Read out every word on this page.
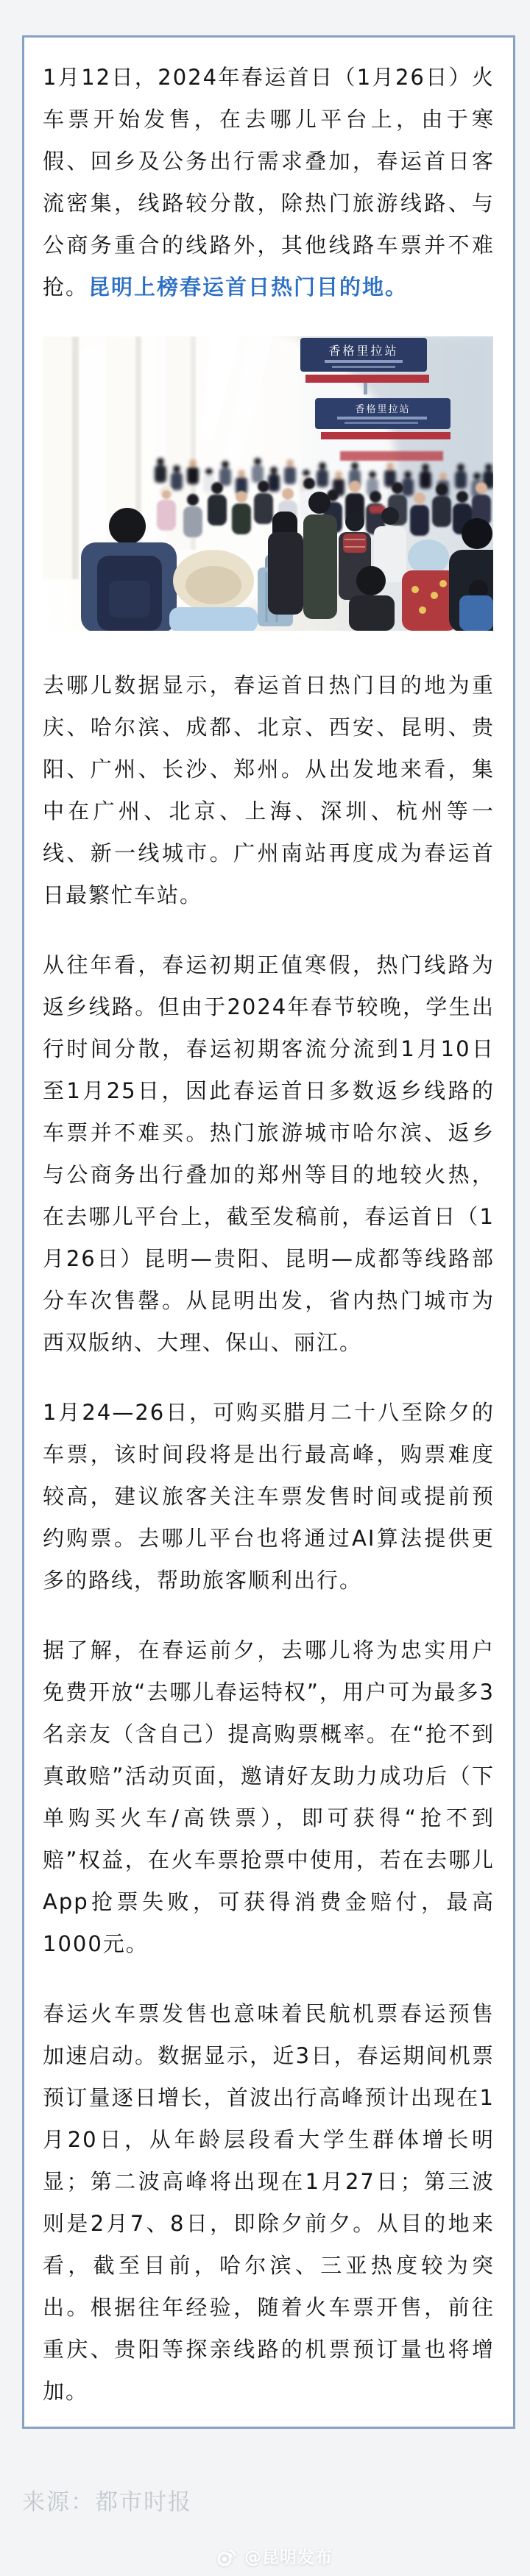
1月12日，2024年春运首日（1月26日）火车票开始发售，在去哪儿平台上，由于寒假、回乡及公务出行需求叠加，春运首日客流密集，线路较分散，除热门旅游线路、与公商务重合的线路外，其他线路车票并不难抢。昆明上榜春运首日热门目的地。

香格里拉站
香格里拉站

去哪儿数据显示，春运首日热门目的地为重庆、哈尔滨、成都、北京、西安、昆明、贵阳、广州、长沙、郑州。从出发地来看，集中在广州、北京、上海、深圳、杭州等一线、新一线城市。广州南站再度成为春运首日最繁忙车站。

从往年看，春运初期正值寒假，热门线路为返乡线路。但由于2024年春节较晚，学生出行时间分散，春运初期客流分流到1月10日至1月25日，因此春运首日多数返乡线路的车票并不难买。热门旅游城市哈尔滨、返乡与公商务出行叠加的郑州等目的地较火热，在去哪儿平台上，截至发稿前，春运首日（1月26日）昆明—贵阳、昆明—成都等线路部分车次售罄。从昆明出发，省内热门城市为西双版纳、大理、保山、丽江。

1月24—26日，可购买腊月二十八至除夕的车票，该时间段将是出行最高峰，购票难度较高，建议旅客关注车票发售时间或提前预约购票。去哪儿平台也将通过AI算法提供更多的路线，帮助旅客顺利出行。

据了解，在春运前夕，去哪儿将为忠实用户免费开放“去哪儿春运特权”，用户可为最多3名亲友（含自己）提高购票概率。在“抢不到真敢赔”活动页面，邀请好友助力成功后（下单购买火车/高铁票），即可获得“抢不到赔”权益，在火车票抢票中使用，若在去哪儿App抢票失败，可获得消费金赔付，最高1000元。

春运火车票发售也意味着民航机票春运预售加速启动。数据显示，近3日，春运期间机票预订量逐日增长，首波出行高峰预计出现在1月20日，从年龄层段看大学生群体增长明显；第二波高峰将出现在1月27日；第三波则是2月7、8日，即除夕前夕。从目的地来看，截至目前，哈尔滨、三亚热度较为突出。根据往年经验，随着火车票开售，前往重庆、贵阳等探亲线路的机票预订量也将增加。

来源：都市时报
@昆明发布
